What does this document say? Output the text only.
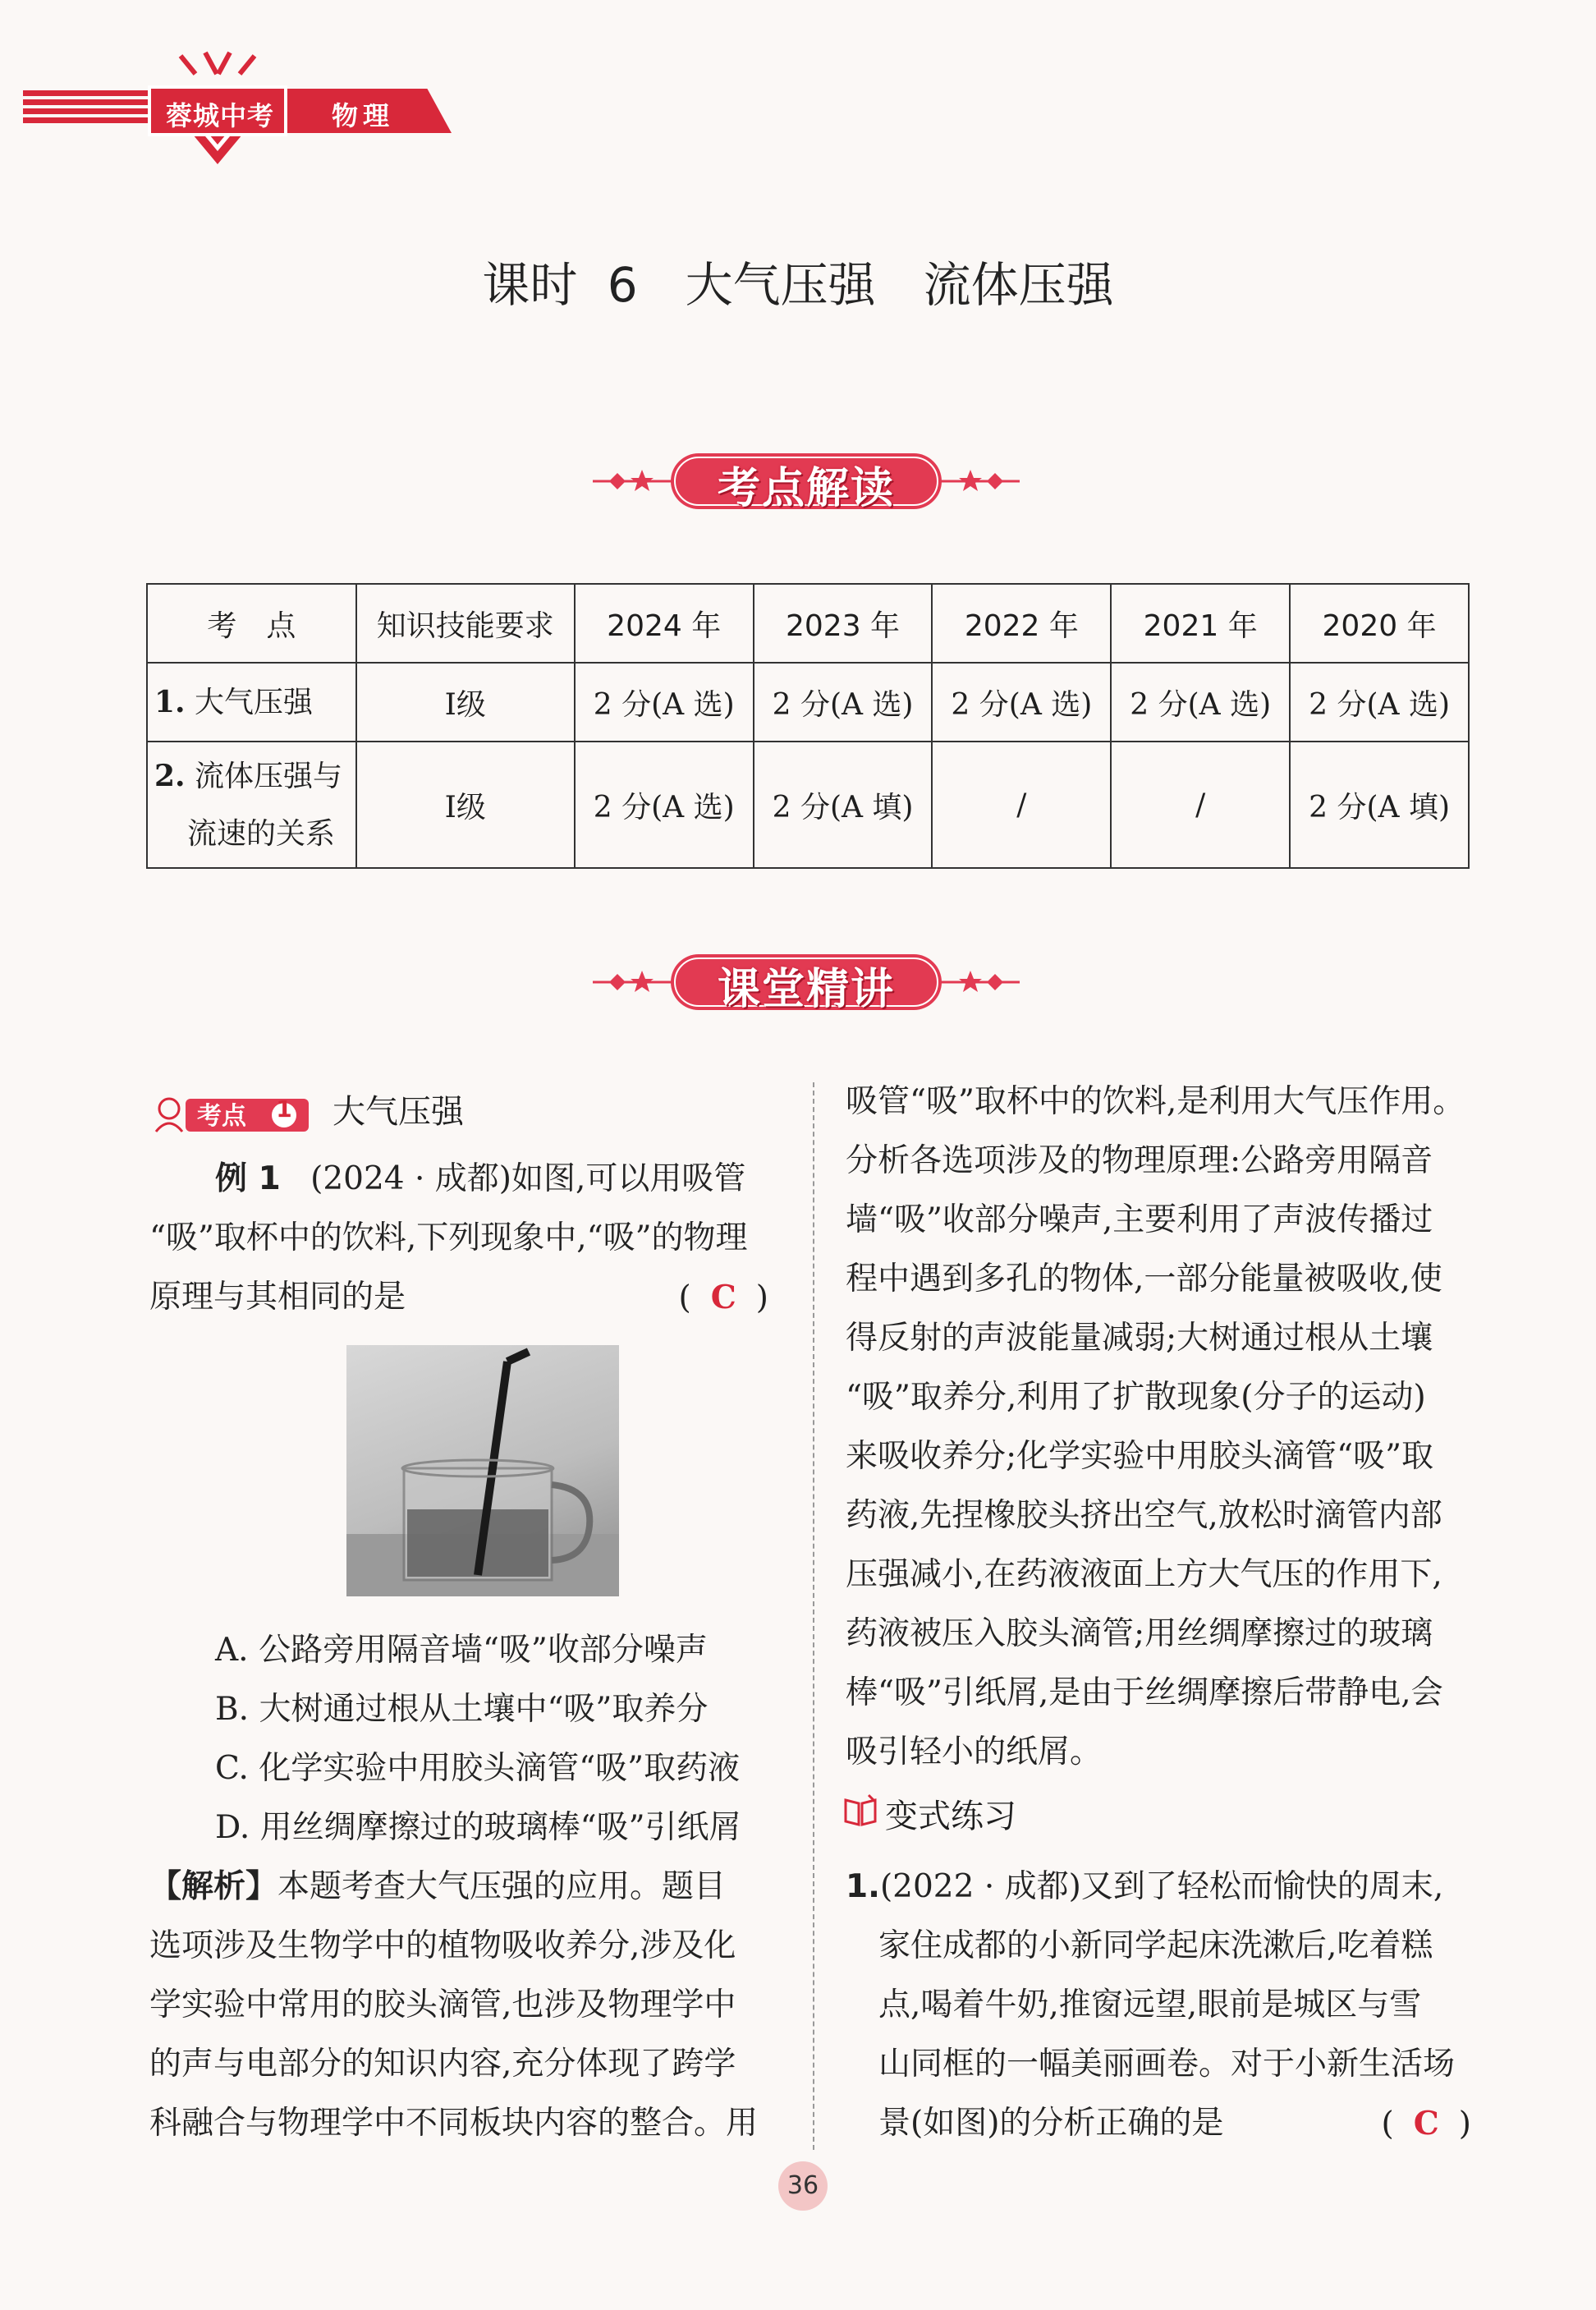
蓉城中考	物理
课时 6　大气压强　流体压强
考点解读
考　点	知识技能要求	2024 年	2023 年	2022 年	2021 年	2020 年
1. 大气压强	Ⅰ级	2 分(A 选)	2 分(A 选)	2 分(A 选)	2 分(A 选)	2 分(A 选)
2. 流体压强与
流速的关系	Ⅰ级	2 分(A 选)	2 分(A 填)	/	/	2 分(A 填)
课堂精讲
考点 1 大气压强
例 1 (2024 · 成都)如图,可以用吸管
“吸”取杯中的饮料,下列现象中,“吸”的物理
原理与其相同的是	( C )
A. 公路旁用隔音墙“吸”收部分噪声
B. 大树通过根从土壤中“吸”取养分
C. 化学实验中用胶头滴管“吸”取药液
D. 用丝绸摩擦过的玻璃棒“吸”引纸屑
【解析】本题考查大气压强的应用。题目
选项涉及生物学中的植物吸收养分,涉及化
学实验中常用的胶头滴管,也涉及物理学中
的声与电部分的知识内容,充分体现了跨学
科融合与物理学中不同板块内容的整合。用
吸管“吸”取杯中的饮料,是利用大气压作用。
分析各选项涉及的物理原理:公路旁用隔音
墙“吸”收部分噪声,主要利用了声波传播过
程中遇到多孔的物体,一部分能量被吸收,使
得反射的声波能量减弱;大树通过根从土壤
“吸”取养分,利用了扩散现象(分子的运动)
来吸收养分;化学实验中用胶头滴管“吸”取
药液,先捏橡胶头挤出空气,放松时滴管内部
压强减小,在药液液面上方大气压的作用下,
药液被压入胶头滴管;用丝绸摩擦过的玻璃
棒“吸”引纸屑,是由于丝绸摩擦后带静电,会
吸引轻小的纸屑。
变式练习
1.(2022 · 成都)又到了轻松而愉快的周末,
家住成都的小新同学起床洗漱后,吃着糕
点,喝着牛奶,推窗远望,眼前是城区与雪
山同框的一幅美丽画卷。对于小新生活场
景(如图)的分析正确的是	( C )
36
